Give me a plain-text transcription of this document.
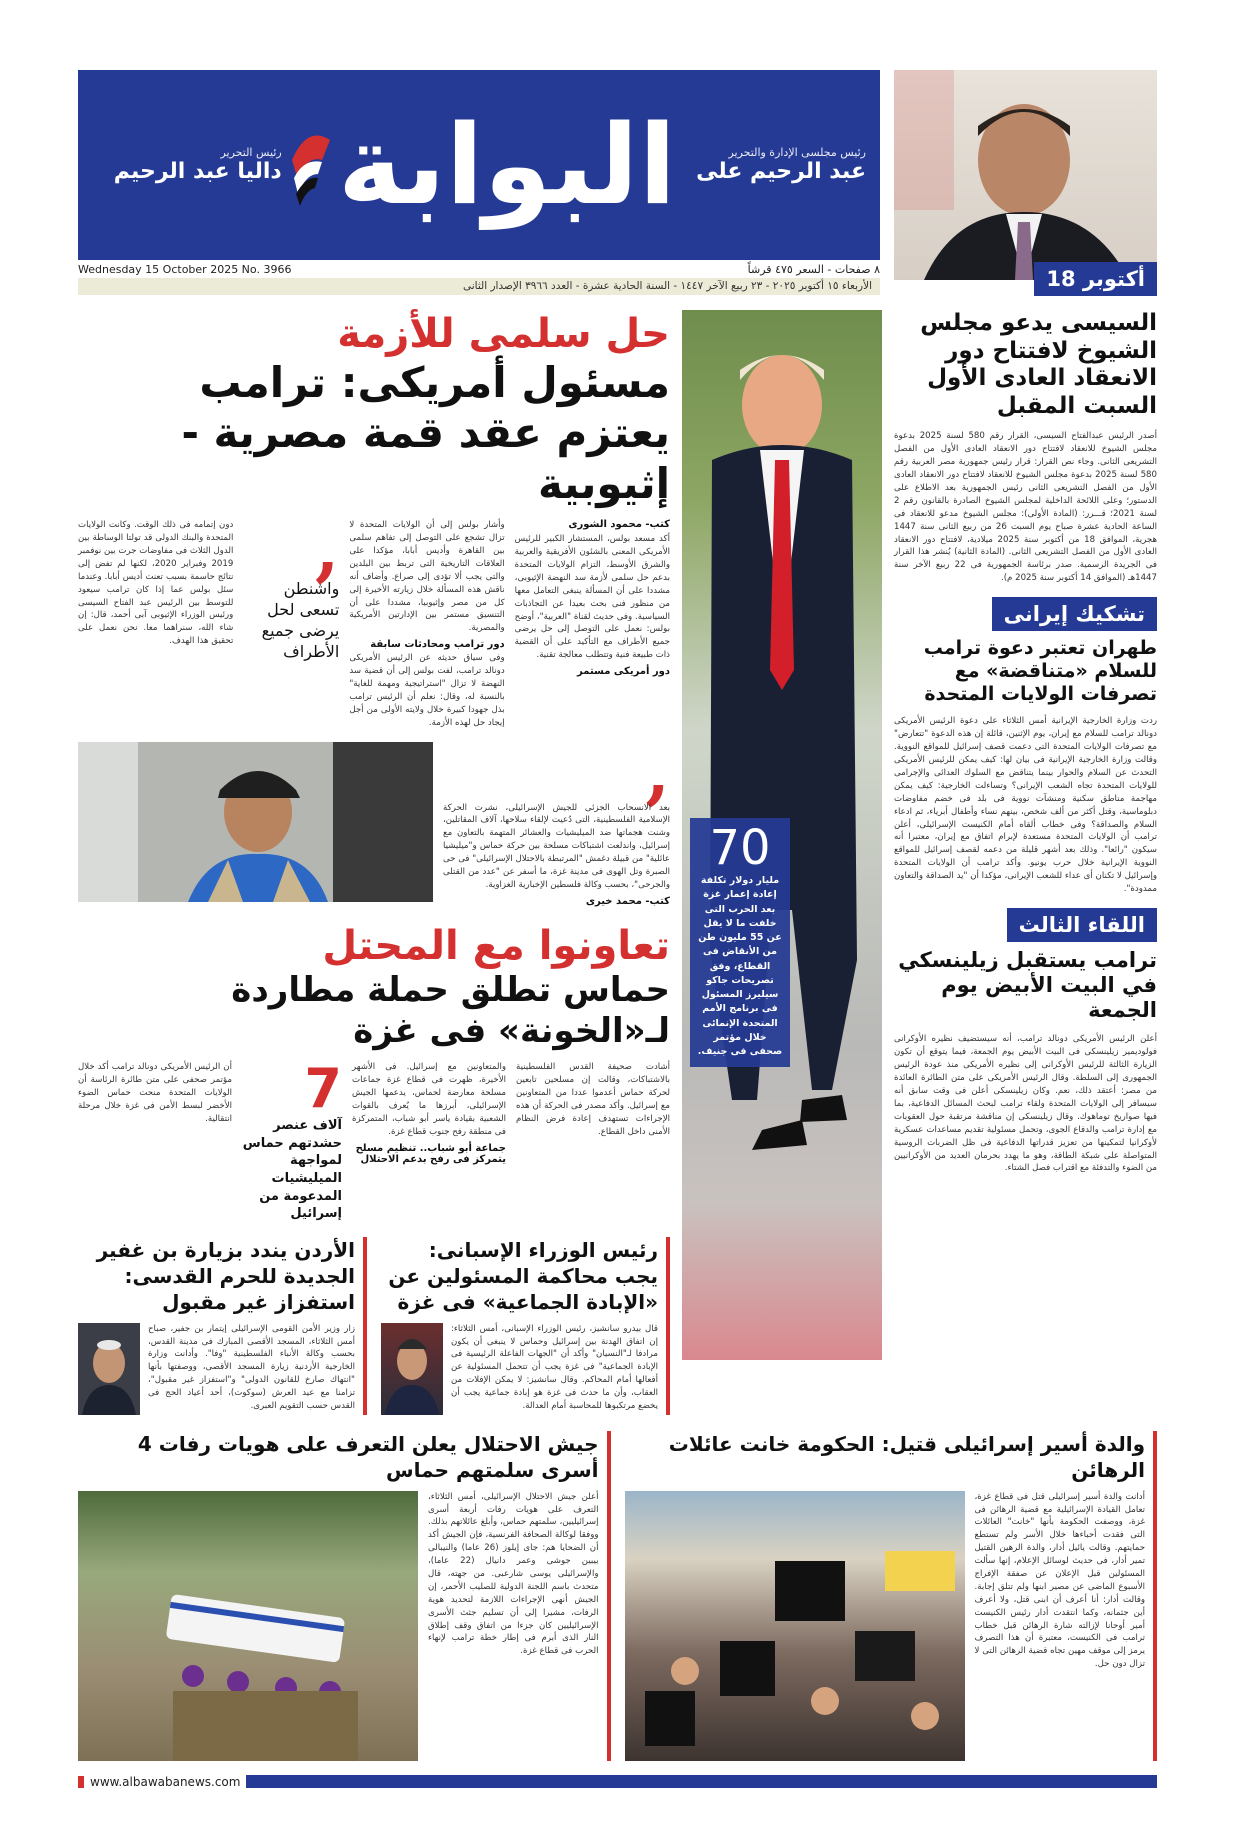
رئيس التحرير
داليا عبد الرحيم البوابة	رئيس مجلسى الإدارة والتحرير
عبد الرحيم على
Wednesday 15 October 2025 No. 3966	٨ صفحات - السعر ٤٧٥ قرشاً
الأربعاء ١٥ أكتوبر ٢٠٢٥ - ٢٣ ربيع الآخر ١٤٤٧ - السنة الحادية عشرة - العدد ٣٩٦٦ الإصدار الثانى	18 أكتوبر
السيسى يدعو مجلس الشيوخ لافتتاح دور الانعقاد العادى الأول السبت المقبل
أصدر الرئيس عبدالفتاح السيسى، القرار رقم 580 لسنة 2025 بدعوة مجلس الشيوخ للانعقاد لافتتاح دور الانعقاد العادى الأول من الفصل التشريعى الثانى. وجاء نص القرار: قرار رئيس جمهورية مصر العربية رقم 580 لسنة 2025 بدعوة مجلس الشيوخ للانعقاد لافتتاح دور الانعقاد العادى الأول من الفصل التشريعى الثانى رئيس الجمهورية بعد الاطلاع على الدستور؛ وعلى اللائحة الداخلية لمجلس الشيوخ الصادرة بالقانون رقم 2 لسنة 2021؛ قـــرر: (المادة الأولى): مجلس الشيوخ مدعو للانعقاد فى الساعة الحادية عشرة صباح يوم السبت 26 من ربيع الثانى سنة 1447 هجرية، الموافق 18 من أكتوبر سنة 2025 ميلادية، لافتتاح دور الانعقاد العادى الأول من الفصل التشريعى الثانى. (المادة الثانية) يُنشر هذا القرار فى الجريدة الرسمية. صدر برئاسة الجمهورية فى 22 ربيع الآخر سنة 1447هـ (الموافق 14 أكتوبر سنة 2025 م).
تشكيك إيرانى
طهران تعتبر دعوة ترامب للسلام «متناقضة» مع تصرفات الولايات المتحدة
ردت وزارة الخارجية الإيرانية أمس الثلاثاء على دعوة الرئيس الأمريكى دونالد ترامب للسلام مع إيران، يوم الإثنين، قائلة إن هذه الدعوة "تتعارض" مع تصرفات الولايات المتحدة التى دعمت قصف إسرائيل للمواقع النووية. وقالت وزارة الخارجية الإيرانية فى بيان لها: كيف يمكن للرئيس الأمريكى التحدث عن السلام والحوار بينما يتناقض مع السلوك العدائى والإجرامى للولايات المتحدة تجاه الشعب الإيرانى؟ وتساءلت الخارجية: كيف يمكن مهاجمة مناطق سكنية ومنشآت نووية فى بلد فى خضم مفاوضات دبلوماسية، وقتل أكثر من ألف شخص، بينهم نساء وأطفال أبرياء، ثم ادعاء السلام والصداقة؟ وفى خطاب ألقاه أمام الكنيست الإسرائيلى، أعلن ترامب أن الولايات المتحدة مستعدة لإبرام اتفاق مع إيران، معتبرا أنه سيكون "رائعا". وذلك بعد أشهر قليلة من دعمه لقصف إسرائيل للمواقع النووية الإيرانية خلال حرب يونيو. وأكد ترامب أن الولايات المتحدة وإسرائيل لا تكنان أى عداء للشعب الإيرانى، مؤكدا أن "يد الصداقة والتعاون ممدودة".
اللقاء الثالث
ترامب يستقبل زيلينسكي في البيت الأبيض يوم الجمعة
أعلن الرئيس الأمريكى دونالد ترامب، أنه سيستضيف نظيره الأوكرانى فولوديمير زيلينسكى فى البيت الأبيض يوم الجمعة، فيما يتوقع أن تكون الزيارة الثالثة للرئيس الأوكرانى إلى نظيره الأمريكى منذ عودة الرئيس الجمهورى إلى السلطة. وقال الرئيس الأمريكى على متن الطائرة العائدة من مصر: أعتقد ذلك، نعم. وكان زيلينسكى أعلن فى وقت سابق أنه سيسافر إلى الولايات المتحدة ولقاء ترامب لبحث المسائل الدفاعية، بما فيها صواريخ توماهوك. وقال زيلينسكى إن مناقشة مرتقبة حول العقوبات مع إدارة ترامب والدفاع الجوى، وتحمل مسئولية تقديم مساعدات عسكرية لأوكرانيا لتمكينها من تعزيز قدراتها الدفاعية فى ظل الضربات الروسية المتواصلة على شبكة الطاقة، وهو ما يهدد بحرمان العديد من الأوكرانيين من الضوء والتدفئة مع اقتراب فصل الشتاء.
70
مليار دولار تكلفة إعادة إعمار غزة بعد الحرب التى خلفت ما لا يقل عن 55 مليون طن من الأنقاض فى القطاع، وفق تصريحات جاكو سيليرز المسئول فى برنامج الأمم المتحدة الإنمائى خلال مؤتمر صحفى فى جنيف.
حل سلمى للأزمة
مسئول أمريكى: ترامب يعتزم عقد قمة مصرية - إثيوبية
كتب- محمود الشورى
أكد مسعد بولس، المستشار الكبير للرئيس الأمريكى المعنى بالشئون الأفريقية والعربية والشرق الأوسط، التزام الولايات المتحدة بدعم حل سلمى لأزمة سد النهضة الإثيوبى، مشددا على أن المسألة ينبغى التعامل معها من منظور فنى بحت بعيدا عن التجاذبات السياسية. وفى حديث لقناة "العربية"، أوضح بولس: نعمل على التوصل إلى حل يرضى جميع الأطراف مع التأكيد على أن القضية ذات طبيعة فنية وتتطلب معالجة تقنية.
دور أمريكى مستمر
وأشار بولس إلى أن الولايات المتحدة لا تزال تشجع على التوصل إلى تفاهم سلمى بين القاهرة وأديس أبابا، مؤكدا على العلاقات التاريخية التى تربط بين البلدين والتى يجب ألا تؤدى إلى صراع. وأضاف أنه ناقش هذه المسألة خلال زيارته الأخيرة إلى كل من مصر وإثيوبيا، مشددا على أن التنسيق مستمر بين الإدارتين الأمريكية والمصرية.
دور ترامب ومحادثات سابقة
وفى سياق حديثه عن الرئيس الأمريكى دونالد ترامب، لفت بولس إلى أن قضية سد النهضة لا تزال "استراتيجية ومهمة للغاية" بالنسبة له، وقال: نعلم أن الرئيس ترامب بذل جهودا كبيرة خلال ولايته الأولى من أجل إيجاد حل لهذه الأزمة.
,
واشنطن تسعى لحل يرضى جميع الأطراف
دون إتمامه فى ذلك الوقت. وكانت الولايات المتحدة والبنك الدولى قد تولتا الوساطة بين الدول الثلاث فى مفاوضات جرت بين نوفمبر 2019 وفبراير 2020، لكنها لم تفض إلى نتائج حاسمة بسبب تعنت أديس أبابا. وعندما سئل بولس عما إذا كان ترامب سيعود للتوسط بين الرئيس عبد الفتاح السيسى ورئيس الوزراء الإثيوبى آبى أحمد، قال: إن شاء الله، سنراهما معا. نحن نعمل على تحقيق هذا الهدف.
,
بعد الانسحاب الجزئى للجيش الإسرائيلى، نشرت الحركة الإسلامية الفلسطينية، التى دُعيت لإلقاء سلاحها، آلاف المقاتلين، وشنت هجماتها ضد الميليشيات والعشائر المتهمة بالتعاون مع إسرائيل، واندلعت اشتباكات مسلحة بين حركة حماس و"ميليشيا عائلية" من قبيلة دغمش "المرتبطة بالاحتلال الإسرائيلى" فى حى الصبرة وتل الهوى فى مدينة غزة، ما أسفر عن "عدد من القتلى والجرحى"، بحسب وكالة فلسطين الإخبارية الغزاوية.
كتب- محمد خيرى
تعاونوا مع المحتل
حماس تطلق حملة مطاردة لـ«الخونة» فى غزة
أشادت صحيفة القدس الفلسطينية بالاشتباكات، وقالت إن مسلحين تابعين لحركة حماس أعدموا عددا من المتعاونين مع إسرائيل. وأكد مصدر فى الحركة أن هذه الإجراءات تستهدف إعادة فرض النظام الأمنى داخل القطاع.
والمتعاونين مع إسرائيل. فى الأشهر الأخيرة، ظهرت فى قطاع غزة جماعات مسلحة معارضة لحماس، يدعمها الجيش الإسرائيلى، أبرزها ما يُعرف بالقوات الشعبية بقيادة ياسر أبو شباب، المتمركزة فى منطقة رفح جنوب قطاع غزة.
جماعة أبو شباب.. تنظيم مسلح يتمركز فى رفح بدعم الاحتلال
7
آلاف عنصر حشدتهم حماس لمواجهة الميليشيات المدعومة من إسرائيل
أن الرئيس الأمريكى دونالد ترامب أكد خلال مؤتمر صحفى على متن طائرة الرئاسة أن الولايات المتحدة منحت حماس الضوء الأخضر لبسط الأمن فى غزة خلال مرحلة انتقالية.
رئيس الوزراء الإسبانى: يجب محاكمة المسئولين عن «الإبادة الجماعية» فى غزة
قال بيدرو سانشيز، رئيس الوزراء الإسبانى، أمس الثلاثاء: إن اتفاق الهدنة بين إسرائيل وحماس لا ينبغى أن يكون مرادفا لـ"النسيان" وأكد أن "الجهات الفاعلة الرئيسية فى الإبادة الجماعية" فى غزة يجب أن تتحمل المسئولية عن أفعالها أمام المحاكم. وقال سانشيز: لا يمكن الإفلات من العقاب، وأن ما حدث فى غزة هو إبادة جماعية يجب أن يخضع مرتكبوها للمحاسبة أمام العدالة.
الأردن يندد بزيارة بن غفير الجديدة للحرم القدسى: استفزاز غير مقبول
زار وزير الأمن القومى الإسرائيلى إيتمار بن جفير، صباح أمس الثلاثاء، المسجد الأقصى المبارك فى مدينة القدس، بحسب وكالة الأنباء الفلسطينية "وفا". وأدانت وزارة الخارجية الأردنية زيارة المسجد الأقصى، ووصفتها بأنها "انتهاك صارخ للقانون الدولى" و"استفزاز غير مقبول"، تزامنا مع عيد العرش (سوكوت)، أحد أعياد الحج فى القدس حسب التقويم العبرى.
والدة أسير إسرائيلى قتيل: الحكومة خانت عائلات الرهائن
أدانت والدة أسير إسرائيلى قتل فى قطاع غزة، تعامل القيادة الإسرائيلية مع قضية الرهائن فى غزة، ووصفت الحكومة بأنها "خانت" العائلات التى فقدت أحباءها خلال الأسر ولم تستطع حمايتهم. وقالت يائيل أدار، والدة الرهين القتيل تمير أدار، فى حديث لوسائل الإعلام، إنها سألت المسئولين قبل الإعلان عن صفقة الإفراج الأسبوع الماضى عن مصير ابنها ولم تتلق إجابة. وقالت أدار: أنا أعرف أن ابنى قتل، ولا أعرف أين جثمانه، وكما انتقدت أدار رئيس الكنيست أمير أوحانا لإزالته شارة الرهائن قبل خطاب ترامب فى الكنيست، معتبرة أن هذا التصرف يرمز إلى موقف مهين تجاه قضية الرهائن التى لا تزال دون حل.
جيش الاحتلال يعلن التعرف على هويات رفات 4 أسرى سلمتهم حماس
أعلن جيش الاحتلال الإسرائيلى، أمس الثلاثاء، التعرف على هويات رفات أربعة أسرى إسرائيليين، سلمتهم حماس، وأبلغ عائلاتهم بذلك. ووفقا لوكالة الصحافة الفرنسية، فإن الجيش أكد أن الضحايا هم: جاى إيلوز (26 عاما) والنيبالى بيبين جوشى وعمر دانيال (22 عاما)، والإسرائيلى يوسى شارعبى. من جهته، قال متحدث باسم اللجنة الدولية للصليب الأحمر، إن الجيش أنهى الإجراءات اللازمة لتحديد هوية الرفات، مشيرا إلى أن تسليم جثث الأسرى الإسرائيليين كان جزءا من اتفاق وقف إطلاق النار الذى أبرم فى إطار خطة ترامب لإنهاء الحرب فى قطاع غزة.
www.albawabanews.com
